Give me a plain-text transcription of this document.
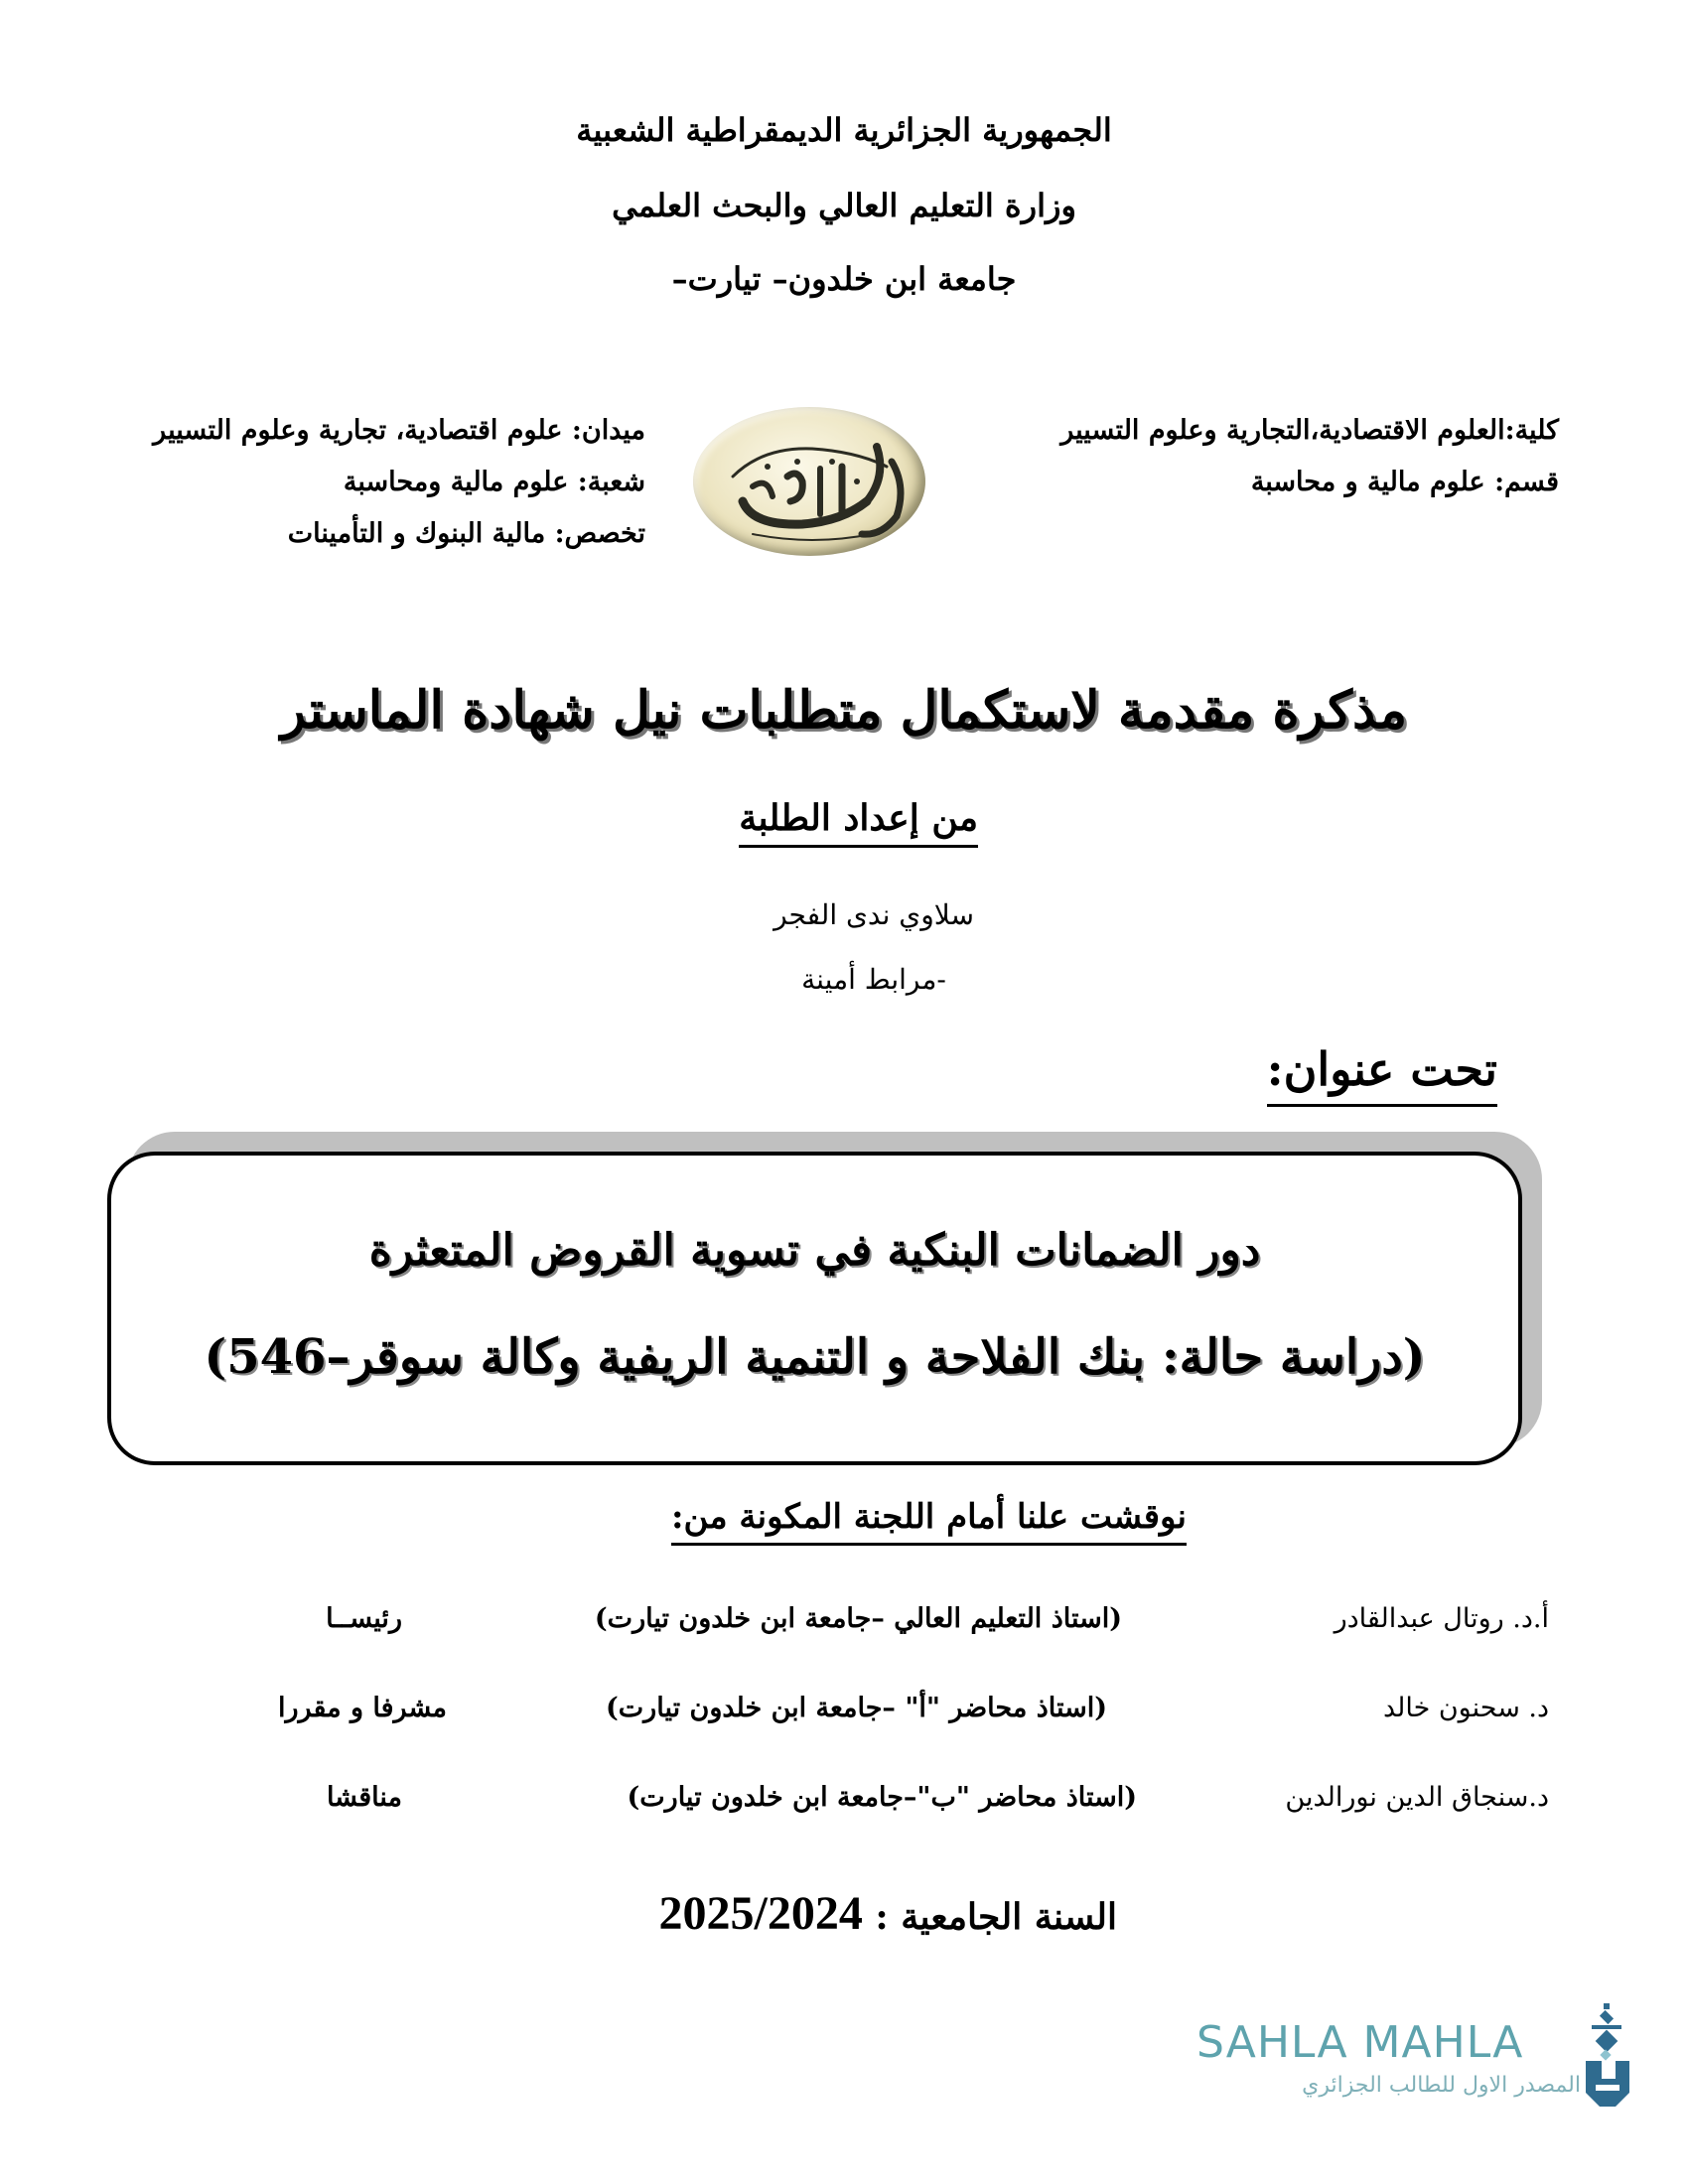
الجمهورية الجزائرية الديمقراطية الشعبية
وزارة التعليم العالي والبحث العلمي
جامعة ابن خلدون– تيارت–
كلية:العلوم الاقتصادية،التجارية وعلوم التسيير
قسم: علوم مالية و محاسبة
ميدان: علوم اقتصادية، تجارية وعلوم التسيير
شعبة: علوم مالية ومحاسبة
تخصص: مالية البنوك و التأمينات
مذكرة مقدمة لاستكمال متطلبات نيل شهادة الماستر
من إعداد الطلبة
سلاوي ندى الفجر
-مرابط أمينة
تحت عنوان:
دور الضمانات البنكية في تسوية القروض المتعثرة
(دراسة حالة: بنك الفلاحة و التنمية الريفية وكالة سوقر–546)
نوقشت علنا أمام اللجنة المكونة من:
أ.د. روتال عبدالقادر
(استاذ التعليم العالي –جامعة ابن خلدون تيارت)
رئيســا
د. سحنون خالد
(استاذ محاضر "أ" –جامعة ابن خلدون تيارت)
مشرفا و مقررا
د.سنجاق الدين نورالدين
(استاذ محاضر "ب"–جامعة ابن خلدون تيارت)
مناقشا
السنة الجامعية : 2025/2024
SAHLA MAHLA
المصدر الاول للطالب الجزائري
